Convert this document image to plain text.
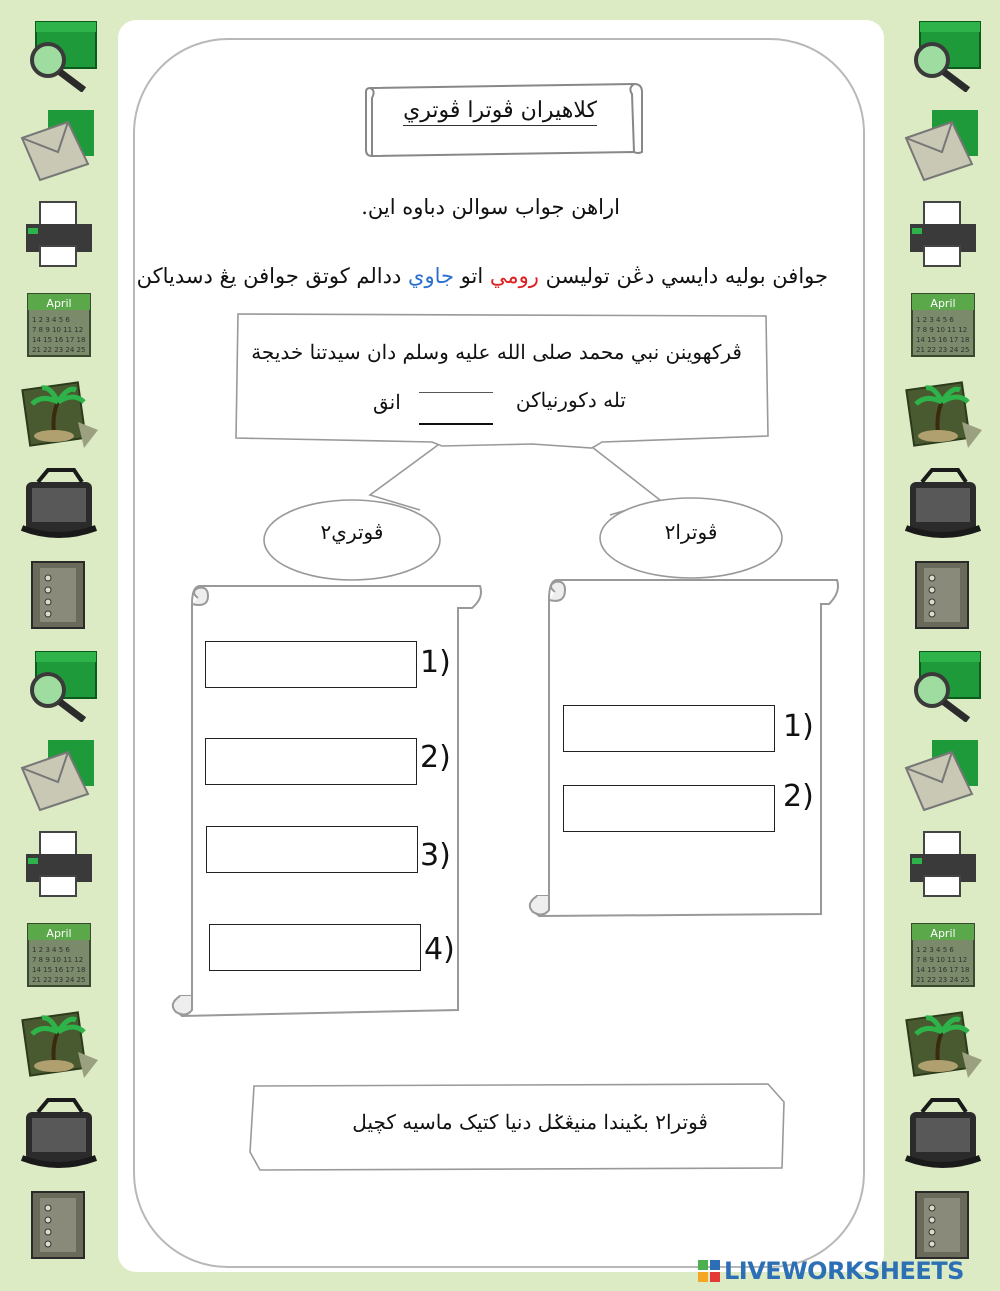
April
1 2 3 4 5 6
7 8 9 10 11 12
14 15 16 17 18
21 22 23 24 25
April
1 2 3 4 5 6
7 8 9 10 11 12
14 15 16 17 18
21 22 23 24 25
April
1 2 3 4 5 6
7 8 9 10 11 12
14 15 16 17 18
21 22 23 24 25
April
1 2 3 4 5 6
7 8 9 10 11 12
14 15 16 17 18
21 22 23 24 25
كلاهيران ڤوترا ڤوتري
اراهن جواب سوالن دباوه اين.
جوافن بوليه دايسي دڠن توليسن رومي اتو جاوي ددالم کوتق جوافن يڠ دسدياکن
ڤرکهوينن نبي محمد صلى الله عليه وسلم دان سيدتنا خديجة
تله دکورنياکن
انق
ڤوتري٢	ڤوترا٢
1)
2)
3)
4)
1)
2)
ڤوترا٢ بݢيندا منيڠݢل دنيا کتيک ماسيه کچيل
LIVEWORKSHEETS
